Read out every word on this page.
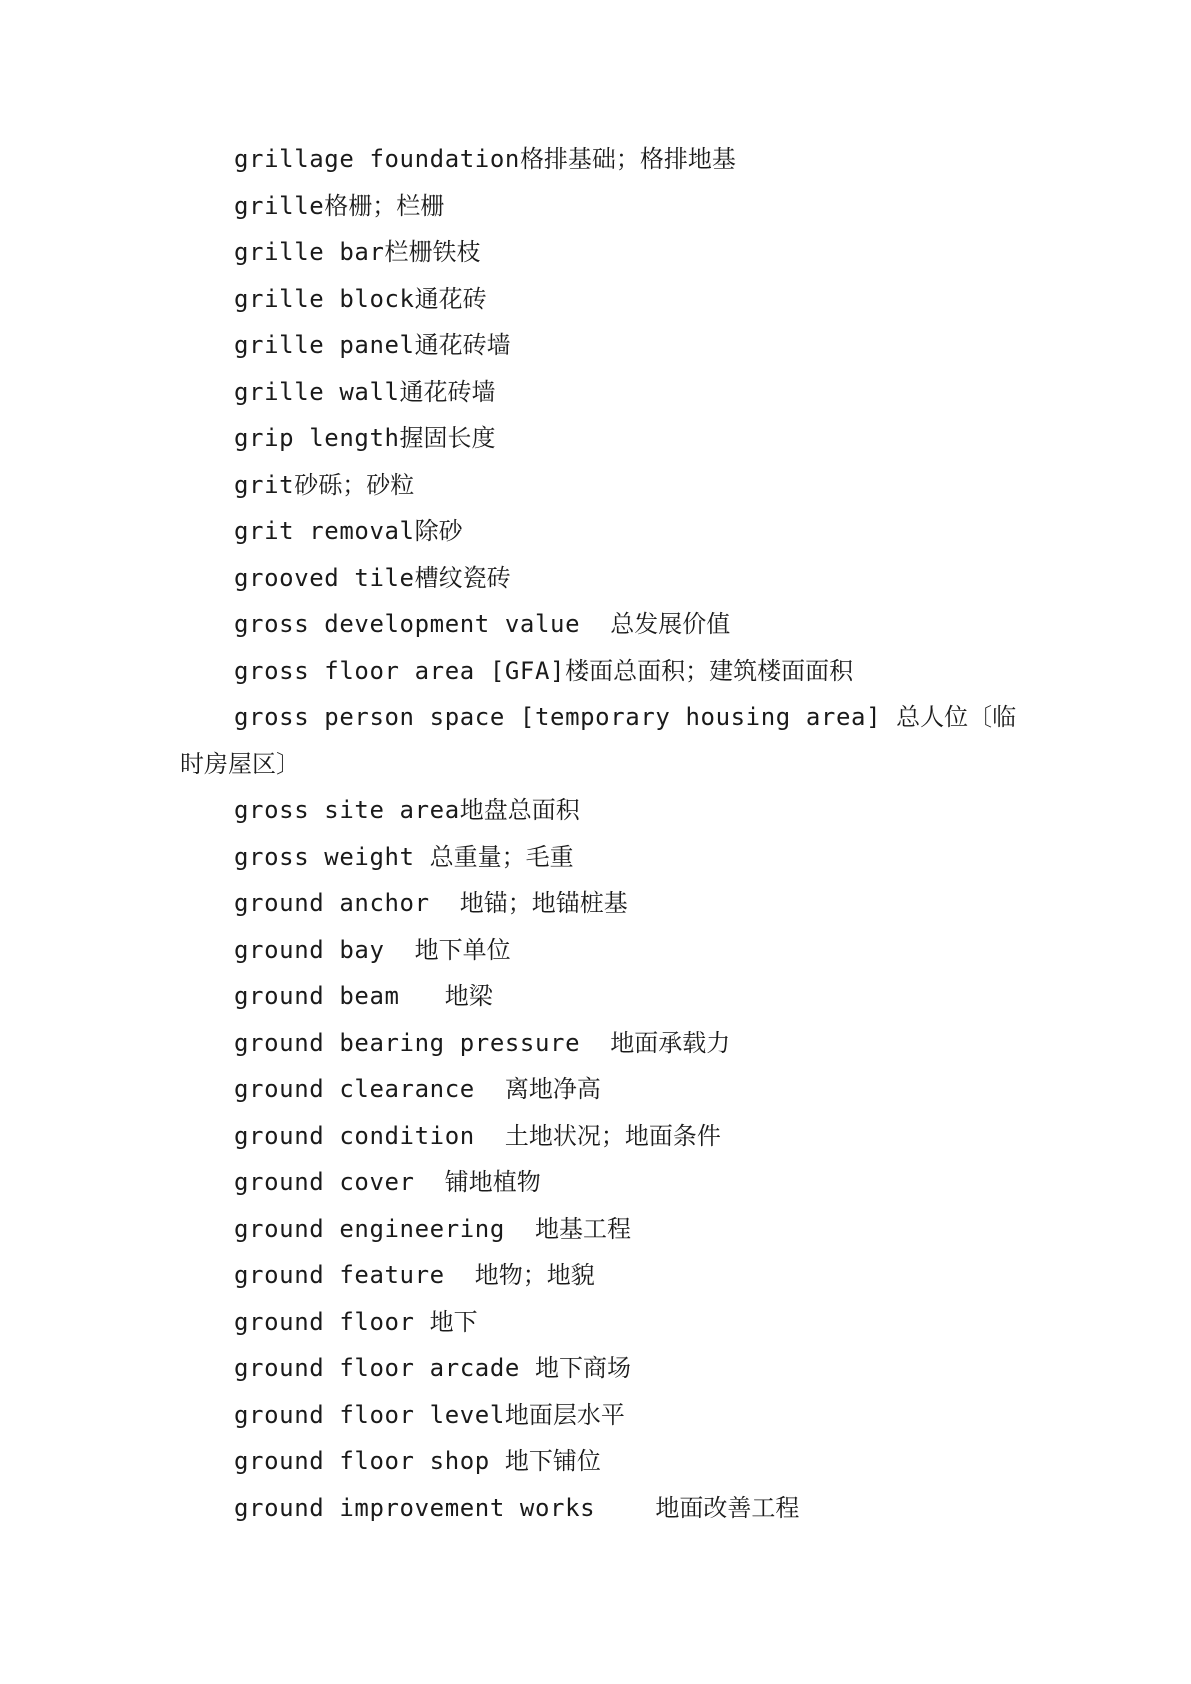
grillage foundation格排基础；格排地基

grille格栅；栏栅

grille bar栏栅铁枝

grille block通花砖

grille panel通花砖墙

grille wall通花砖墙

grip length握固长度

grit砂砾；砂粒

grit removal除砂

grooved tile槽纹瓷砖

gross development value  总发展价值

gross floor area [GFA]楼面总面积；建筑楼面面积

gross person space [temporary housing area] 总人位〔临时房屋区〕

gross site area地盘总面积

gross weight 总重量；毛重

ground anchor  地锚；地锚桩基

ground bay  地下单位

ground beam   地梁

ground bearing pressure  地面承载力

ground clearance  离地净高

ground condition  土地状况；地面条件

ground cover  铺地植物

ground engineering  地基工程

ground feature  地物；地貌

ground floor 地下

ground floor arcade 地下商场

ground floor level地面层水平

ground floor shop 地下铺位

ground improvement works    地面改善工程
